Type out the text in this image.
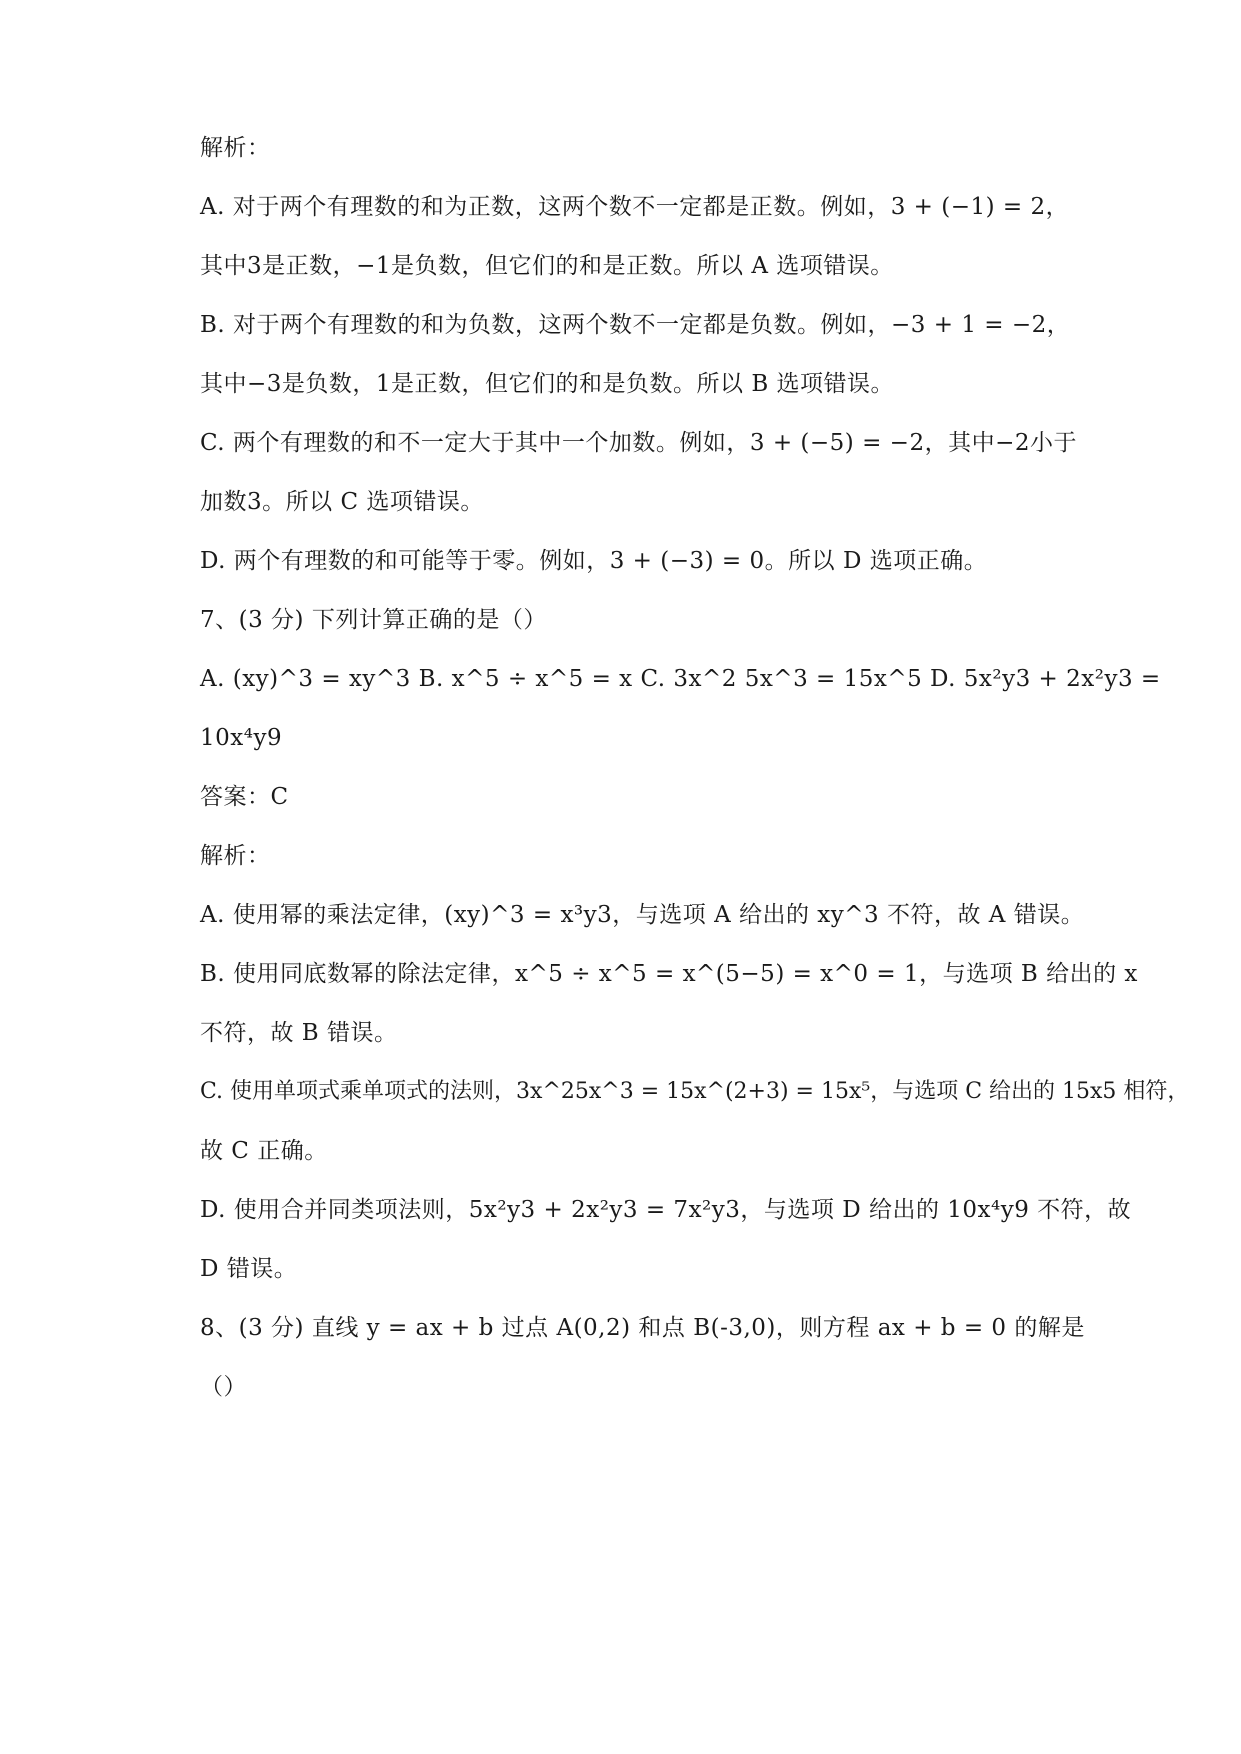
解析：
A. 对于两个有理数的和为正数，这两个数不一定都是正数。例如，3 + (−1) = 2，
其中3是正数，−1是负数，但它们的和是正数。所以 A 选项错误。
B. 对于两个有理数的和为负数，这两个数不一定都是负数。例如，−3 + 1 = −2，
其中−3是负数，1是正数，但它们的和是负数。所以 B 选项错误。
C. 两个有理数的和不一定大于其中一个加数。例如，3 + (−5) = −2，其中−2小于
加数3。所以 C 选项错误。
D. 两个有理数的和可能等于零。例如，3 + (−3) = 0。所以 D 选项正确。
7、(3 分) 下列计算正确的是（）
A. (xy)^3 = xy^3 B. x^5 ÷ x^5 = x C. 3x^2 5x^3 = 15x^5 D. 5x²y3 + 2x²y3 =
10x⁴y9
答案：C
解析：
A. 使用幂的乘法定律，(xy)^3 = x³y3，与选项 A 给出的 xy^3 不符，故 A 错误。
B. 使用同底数幂的除法定律，x^5 ÷ x^5 = x^(5−5) = x^0 = 1，与选项 B 给出的 x
不符，故 B 错误。
C. 使用单项式乘单项式的法则，3x^25x^3 = 15x^(2+3) = 15x⁵，与选项 C 给出的 15x5 相符，
故 C 正确。
D. 使用合并同类项法则，5x²y3 + 2x²y3 = 7x²y3，与选项 D 给出的 10x⁴y9 不符，故
D 错误。
8、(3 分) 直线 y = ax + b 过点 A(0,2) 和点 B(-3,0)，则方程 ax + b = 0 的解是
（）
